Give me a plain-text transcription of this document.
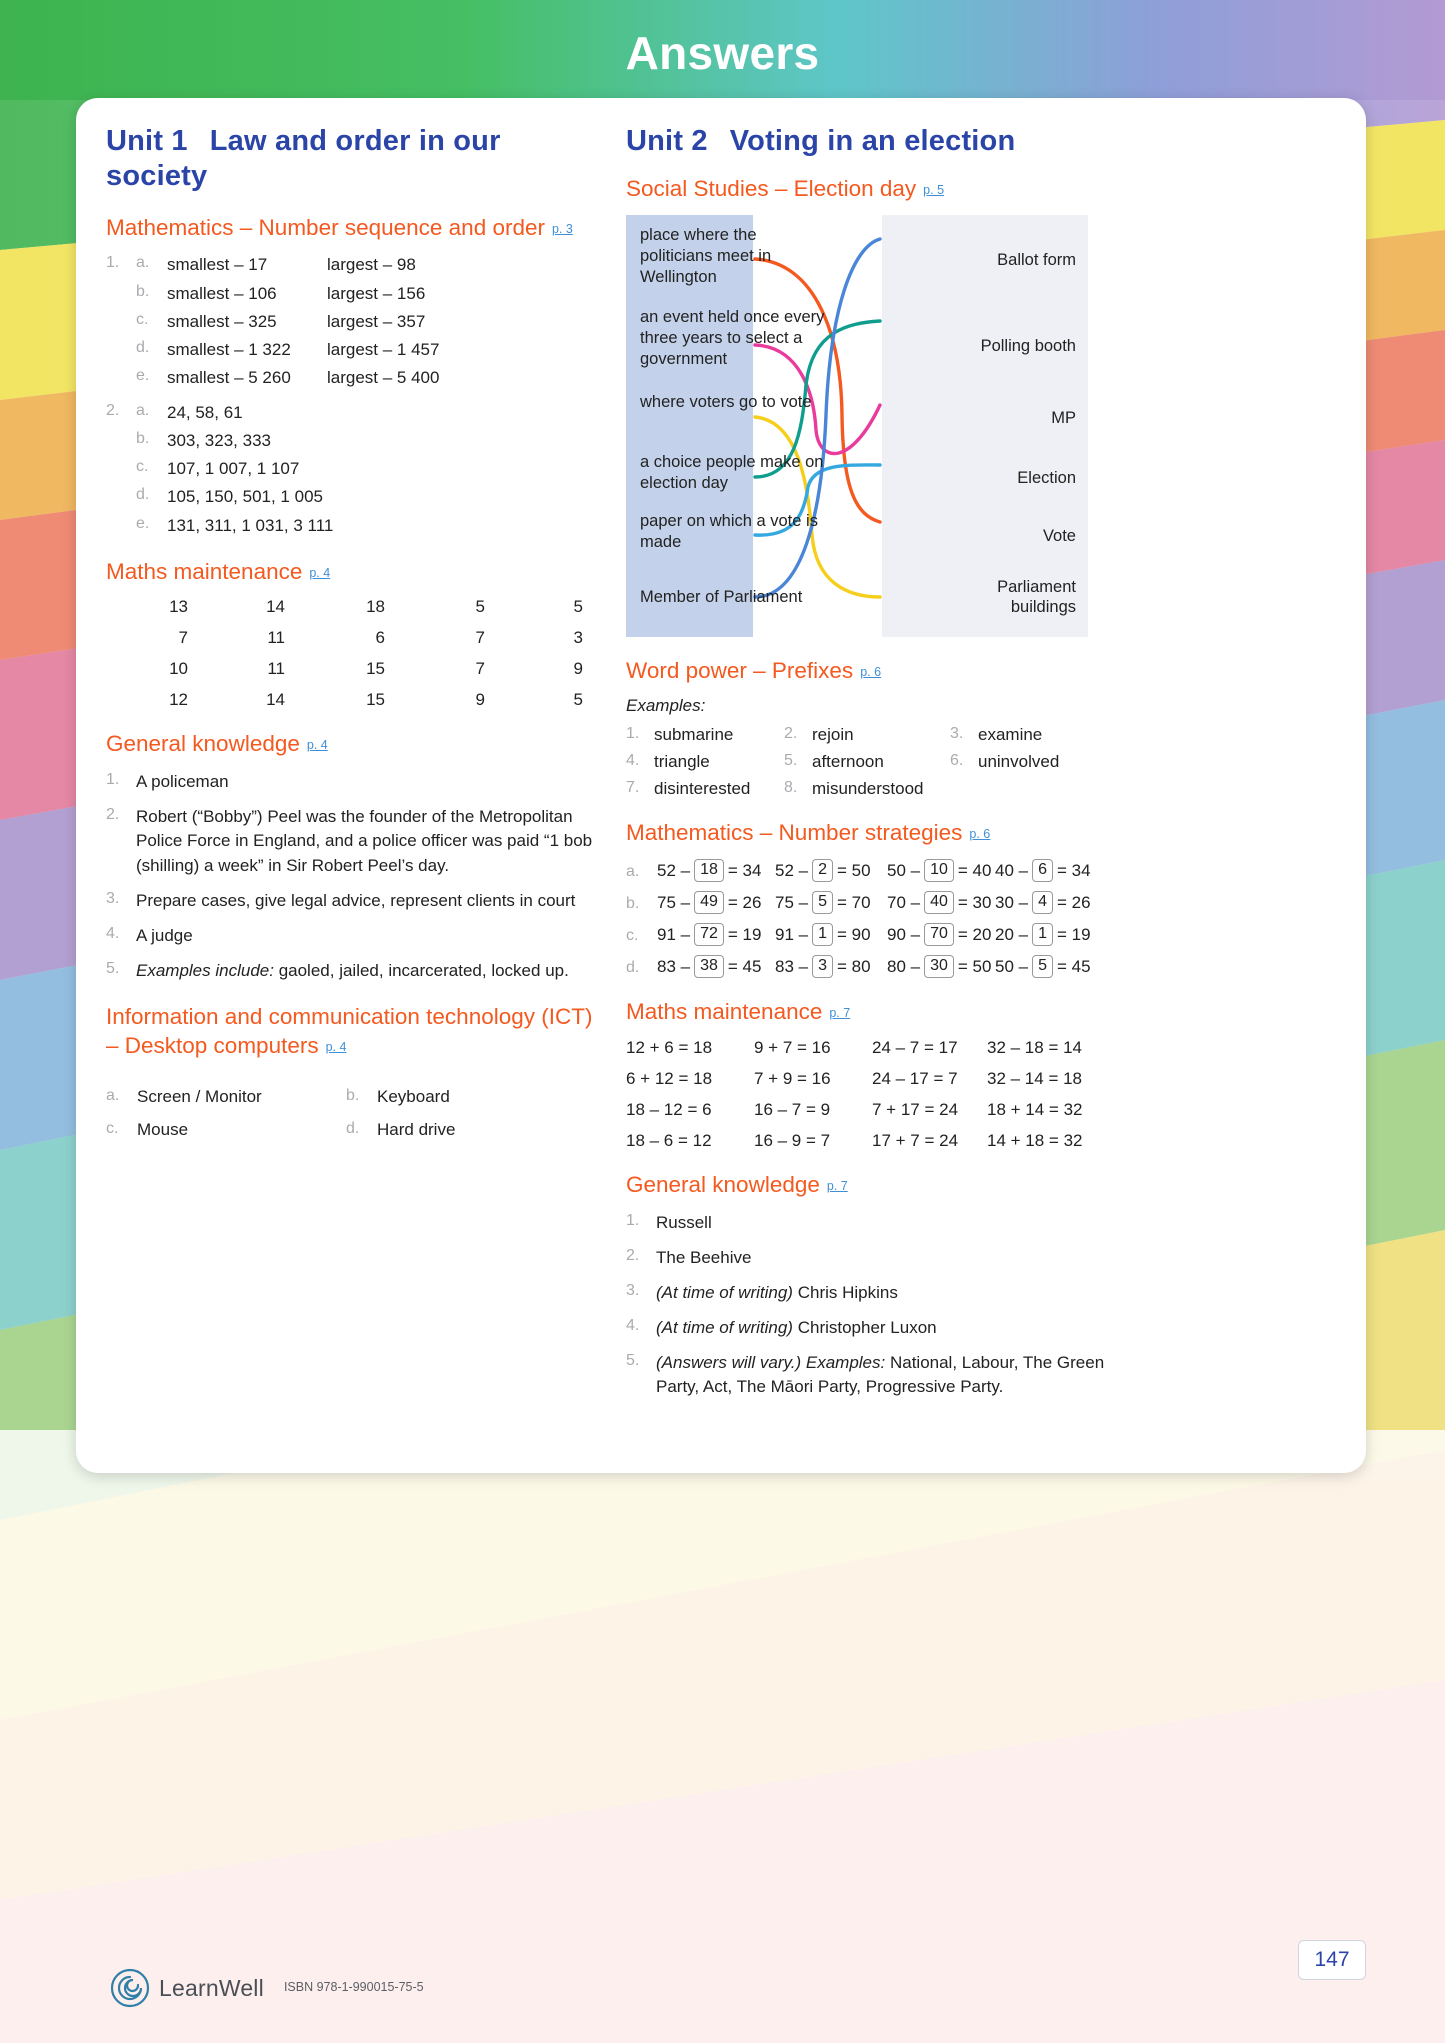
Answers
Unit 1 Law and order in our society
Mathematics – Number sequence and order p. 3
1.	a.	smallest – 17	largest – 98
b.	smallest – 106	largest – 156
c.	smallest – 325	largest – 357
d.	smallest – 1 322 largest – 1 457
e.	smallest – 5 260 largest – 5 400
2.	a.	24, 58, 61
b.	303, 323, 333
c.	107, 1 007, 1 107
d.	105, 150, 501, 1 005
e.	131, 311, 1 031, 3 111
Maths maintenance p. 4
13	14	18	5	5
7	11	6	7	3
10	11	15	7	9
12	14	15	9	5
General knowledge p. 4
1. A policeman
2. Robert (“Bobby”) Peel was the founder of the Metropolitan Police Force in England, and a police officer was paid “1 bob (shilling) a week” in Sir Robert Peel’s day.
3. Prepare cases, give legal advice, represent clients in court
4. A judge
5. Examples include: gaoled, jailed, incarcerated, locked up.
Information and communication technology (ICT) – Desktop computers p. 4
a.	Screen / Monitor	b.	Keyboard
c.	Mouse	d.	Hard drive
Unit 2 Voting in an election
Social Studies – Election day p. 5
Ballot form
Polling booth
MP
Election
Vote
Parliament buildings
place where the politicians meet in Wellington
an event held once every three years to select a government
where voters go to vote
a choice people make on election day
paper on which a vote is made
Member of Parliament
Word power – Prefixes p. 6
Examples:
1. submarine	2. rejoin	3. examine
4. triangle	5. afternoon	6. uninvolved
7. disinterested 8. misunderstood
Mathematics – Number strategies p. 6
a.	52 – 18 = 34 52 – 2 = 50 50 – 10 = 40 40 – 6 = 34
b.	75 – 49 = 26 75 – 5 = 70 70 – 40 = 30 30 – 4 = 26
c.	91 – 72 = 19 91 – 1 = 90 90 – 70 = 20 20 – 1 = 19
d.	83 – 38 = 45 83 – 3 = 80 80 – 30 = 50 50 – 5 = 45
Maths maintenance p. 7
12 + 6 = 18	9 + 7 = 16	24 – 7 = 17	32 – 18 = 14
6 + 12 = 18	7 + 9 = 16	24 – 17 = 7	32 – 14 = 18
18 – 12 = 6	16 – 7 = 9	7 + 17 = 24	18 + 14 = 32
18 – 6 = 12	16 – 9 = 7	17 + 7 = 24	14 + 18 = 32
General knowledge p. 7
1. Russell
2. The Beehive
3. (At time of writing) Chris Hipkins
4. (At time of writing) Christopher Luxon
5. (Answers will vary.) Examples: National, Labour, The Green Party, Act, The Māori Party, Progressive Party.
LearnWell ISBN 978-1-990015-75-5
147
